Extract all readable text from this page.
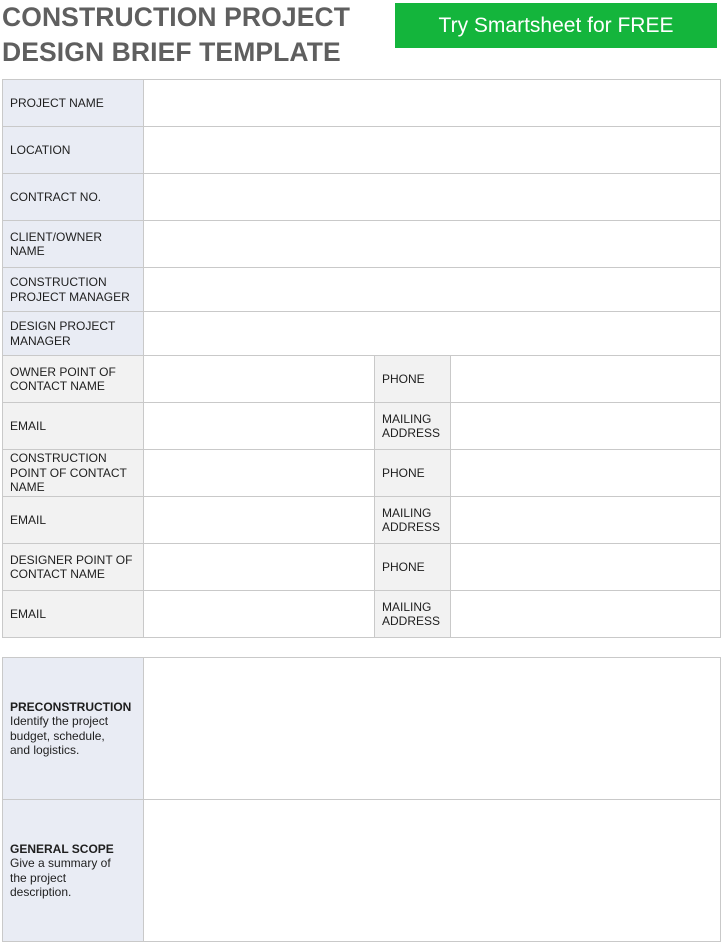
CONSTRUCTION PROJECT
DESIGN BRIEF TEMPLATE
Try Smartsheet for FREE
PROJECT NAME			

LOCATION			

CONTRACT NO.			

CLIENT/OWNER NAME			

CONSTRUCTION
PROJECT MANAGER			

DESIGN PROJECT
MANAGER			

OWNER POINT OF
CONTACT NAME		PHONE	

EMAIL		MAILING
ADDRESS	

CONSTRUCTION
POINT OF CONTACT
NAME		PHONE	

EMAIL		MAILING
ADDRESS	

DESIGNER POINT OF
CONTACT NAME		PHONE	

EMAIL		MAILING
ADDRESS	

PRECONSTRUCTION
Identify the project
budget, schedule,
and logistics.	

GENERAL SCOPE
Give a summary of
the project
description.	
